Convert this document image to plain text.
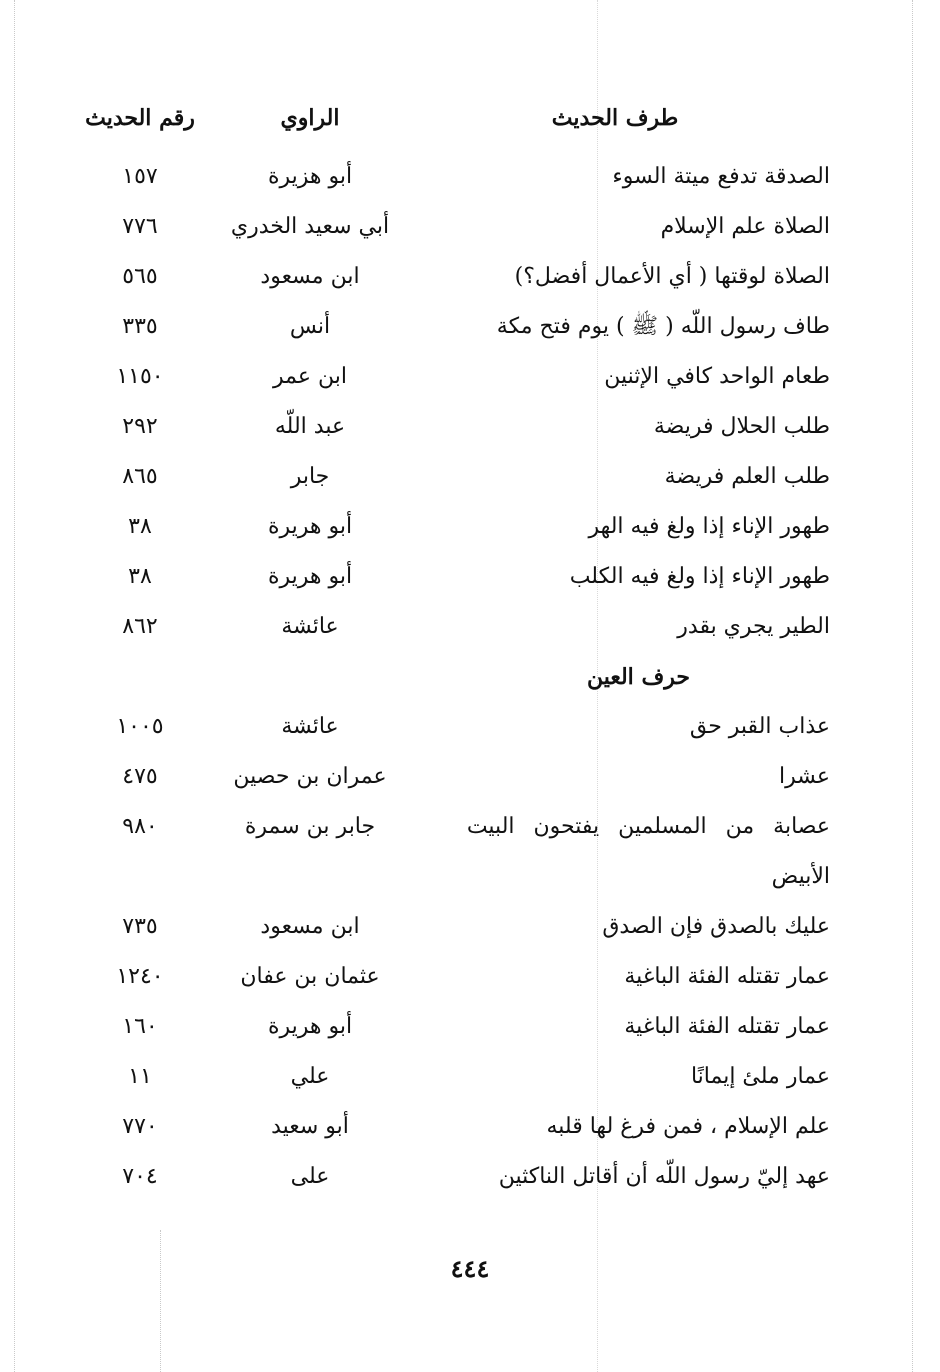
طرف الحديث
الراوي
رقم الحديث
الصدقة تدفع ميتة السوء
أبو هزيرة
١٥٧
الصلاة علم الإسلام
أبي سعيد الخدري
٧٧٦
الصلاة لوقتها ( أي الأعمال أفضل؟)
ابن مسعود
٥٦٥
طاف رسول اللّه ( ﷺ ) يوم فتح مكة
أنس
٣٣٥
طعام الواحد كافي الإثنين
ابن عمر
١١٥٠
طلب الحلال فريضة
عبد اللّه
٢٩٢
طلب العلم فريضة
جابر
٨٦٥
طهور الإناء إذا ولغ فيه الهر
أبو هريرة
٣٨
طهور الإناء إذا ولغ فيه الكلب
أبو هريرة
٣٨
الطير يجري بقدر
عائشة
٨٦٢
حرف العين
عذاب القبر حق
عائشة
١٠٠٥
عشرا
عمران بن حصين
٤٧٥
عصابة من المسلمين يفتحون البيت
جابر بن سمرة
٩٨٠
الأبيض
عليك بالصدق فإن الصدق
ابن مسعود
٧٣٥
عمار تقتله الفئة الباغية
عثمان بن عفان
١٢٤٠
عمار تقتله الفئة الباغية
أبو هريرة
١٦٠
عمار ملئ إيمانًا
علي
١١
علم الإسلام ، فمن فرغ لها قلبه
أبو سعيد
٧٧٠
عهد إليّ رسول اللّه أن أقاتل الناكثين
على
٧٠٤
٤٤٤
